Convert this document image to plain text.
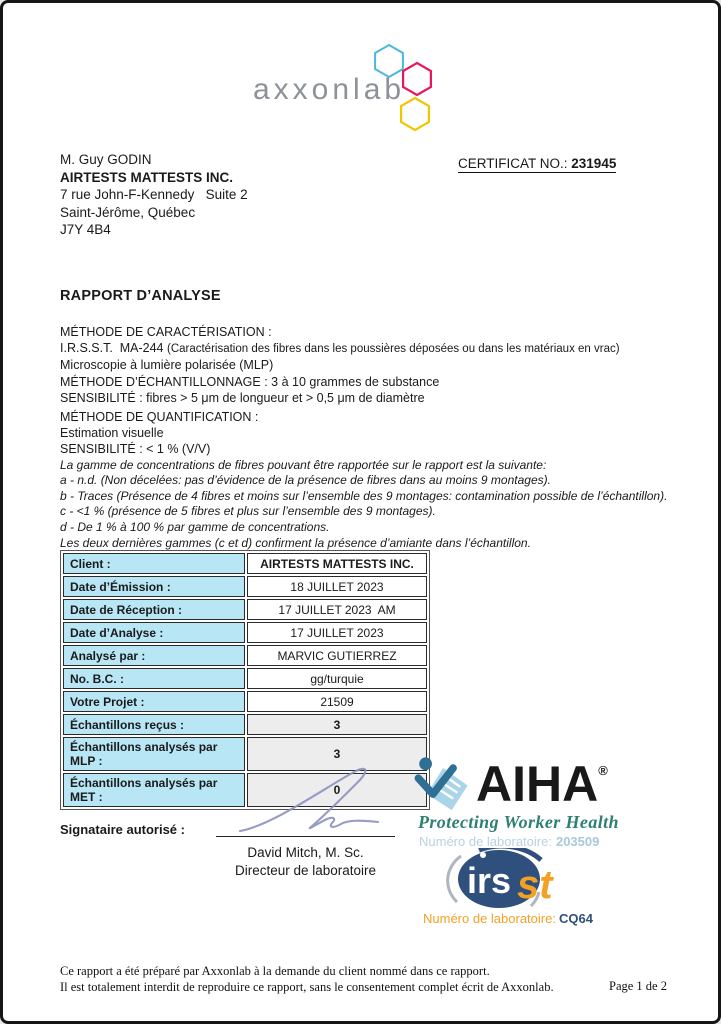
axxonlab
M. Guy GODIN
AIRTESTS MATTESTS INC.
7 rue John-F-Kennedy   Suite 2
Saint-Jérôme, Québec
J7Y 4B4
CERTIFICAT NO.: 231945
RAPPORT D’ANALYSE
MÉTHODE DE CARACTÉRISATION :
I.R.S.S.T.  MA-244 (Caractérisation des fibres dans les poussières déposées ou dans les matériaux en vrac)
Microscopie à lumière polarisée (MLP)
MÉTHODE D’ÉCHANTILLONNAGE : 3 à 10 grammes de substance
SENSIBILITÉ : fibres > 5 μm de longueur et > 0,5 μm de diamètre
MÉTHODE DE QUANTIFICATION :
Estimation visuelle
SENSIBILITÉ : < 1 % (V/V)
La gamme de concentrations de fibres pouvant être rapportée sur le rapport est la suivante:
a - n.d. (Non décelées: pas d’évidence de la présence de fibres dans au moins 9 montages).
b - Traces (Présence de 4 fibres et moins sur l’ensemble des 9 montages: contamination possible de l’échantillon).
c - <1 % (présence de 5 fibres et plus sur l’ensemble des 9 montages).
d - De 1 % à 100 % par gamme de concentrations.
Les deux dernières gammes (c et d) confirment la présence d’amiante dans l’échantillon.
Client :	AIRTESTS MATTESTS INC.
Date d’Émission :	18 JUILLET 2023
Date de Réception :	17 JUILLET 2023  AM
Date d’Analyse :	17 JUILLET 2023
Analysé par :	MARVIC GUTIERREZ
No. B.C. :	gg/turquie
Votre Projet :	21509
Échantillons reçus :	3
Échantillons analysés par MLP :	3
Échantillons analysés par MET :	0
Signataire autorisé :
David Mitch, M. Sc.
Directeur de laboratoire
AIHA®
Protecting Worker Health
Numéro de laboratoire: 203509
irs st
Numéro de laboratoire: CQ64
Ce rapport a été préparé par Axxonlab à la demande du client nommé dans ce rapport.
Il est totalement interdit de reproduire ce rapport, sans le consentement complet écrit de Axxonlab.	Page 1 de 2
